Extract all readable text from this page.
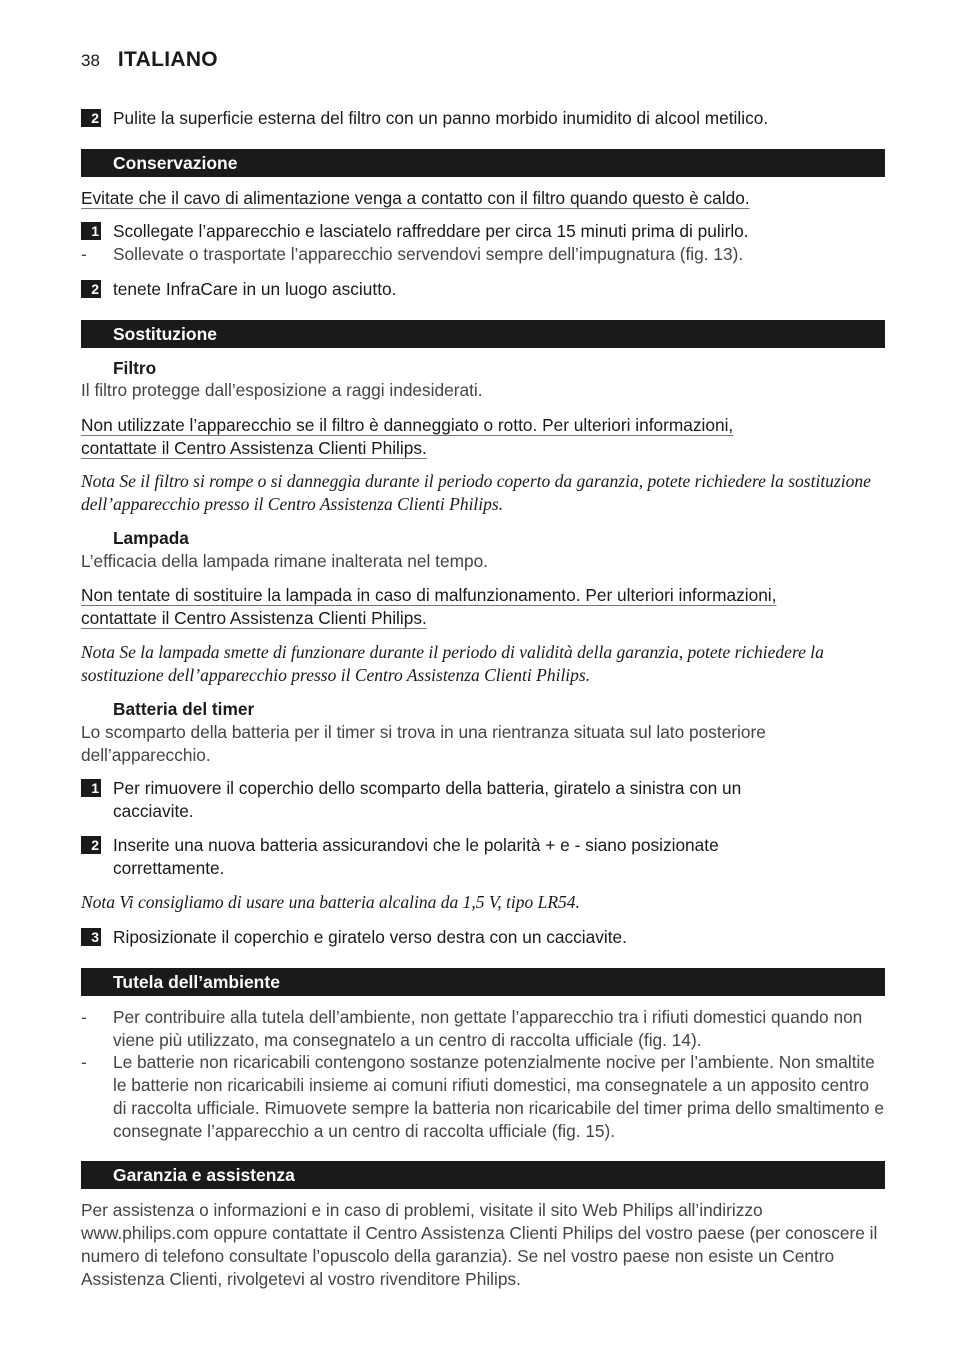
38 ITALIANO
2 Pulite la superficie esterna del filtro con un panno morbido inumidito di alcool metilico.
Conservazione
Evitate che il cavo di alimentazione venga a contatto con il filtro quando questo è caldo.
1 Scollegate l’apparecchio e lasciatelo raffreddare per circa 15 minuti prima di pulirlo.
-	Sollevate o trasportate l’apparecchio servendovi sempre dell’impugnatura (fig. 13).
2 tenete InfraCare in un luogo asciutto.
Sostituzione
Filtro
Il filtro protegge dall’esposizione a raggi indesiderati.
Non utilizzate l’apparecchio se il filtro è danneggiato o rotto. Per ulteriori informazioni,
contattate il Centro Assistenza Clienti Philips.
Nota Se il filtro si rompe o si danneggia durante il periodo coperto da garanzia, potete richiedere la sostituzione dell’apparecchio presso il Centro Assistenza Clienti Philips.
Lampada
L’efficacia della lampada rimane inalterata nel tempo.
Non tentate di sostituire la lampada in caso di malfunzionamento. Per ulteriori informazioni,
contattate il Centro Assistenza Clienti Philips.
Nota Se la lampada smette di funzionare durante il periodo di validità della garanzia, potete richiedere la sostituzione dell’apparecchio presso il Centro Assistenza Clienti Philips.
Batteria del timer
Lo scomparto della batteria per il timer si trova in una rientranza situata sul lato posteriore dell’apparecchio.
1 Per rimuovere il coperchio dello scomparto della batteria, giratelo a sinistra con un cacciavite.
2 Inserite una nuova batteria assicurandovi che le polarità + e - siano posizionate correttamente.
Nota Vi consigliamo di usare una batteria alcalina da 1,5 V, tipo LR54.
3 Riposizionate il coperchio e giratelo verso destra con un cacciavite.
Tutela dell’ambiente
-	Per contribuire alla tutela dell’ambiente, non gettate l’apparecchio tra i rifiuti domestici quando non viene più utilizzato, ma consegnatelo a un centro di raccolta ufficiale (fig. 14).
-	Le batterie non ricaricabili contengono sostanze potenzialmente nocive per l’ambiente. Non smaltite le batterie non ricaricabili insieme ai comuni rifiuti domestici, ma consegnatele a un apposito centro di raccolta ufficiale. Rimuovete sempre la batteria non ricaricabile del timer prima dello smaltimento e consegnate l’apparecchio a un centro di raccolta ufficiale (fig. 15).
Garanzia e assistenza
Per assistenza o informazioni e in caso di problemi, visitate il sito Web Philips all’indirizzo www.philips.com oppure contattate il Centro Assistenza Clienti Philips del vostro paese (per conoscere il numero di telefono consultate l’opuscolo della garanzia). Se nel vostro paese non esiste un Centro Assistenza Clienti, rivolgetevi al vostro rivenditore Philips.
